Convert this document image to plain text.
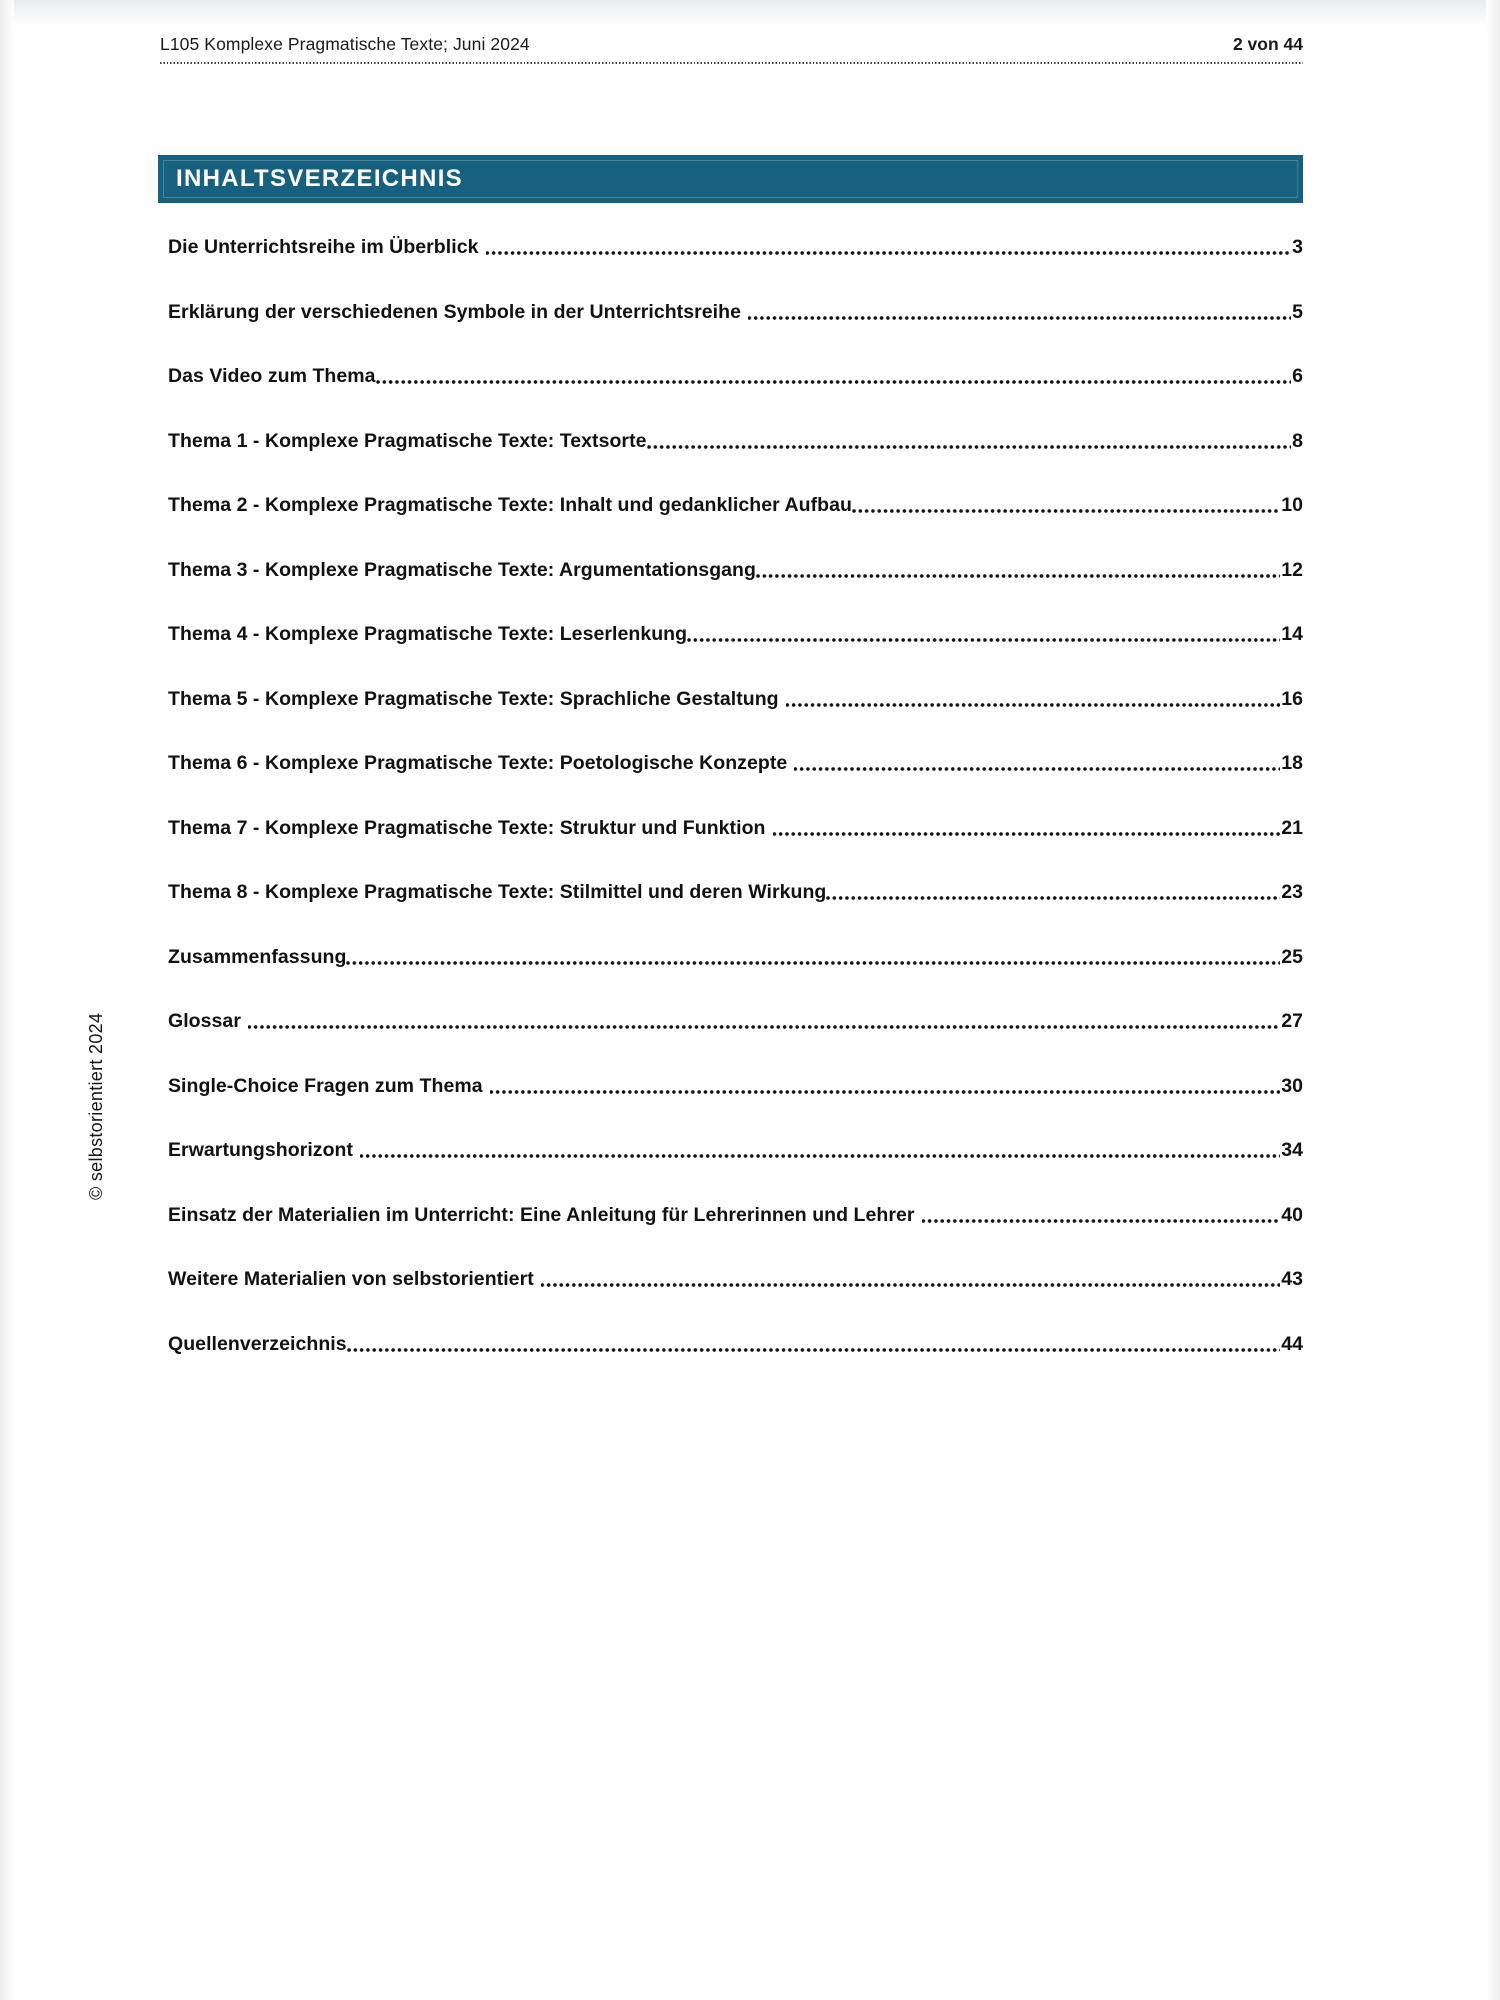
L105 Komplexe Pragmatische Texte; Juni 2024	2 von 44
© selbstorientiert 2024
INHALTSVERZEICHNIS
Die Unterrichtsreihe im Überblick	3
Erklärung der verschiedenen Symbole in der Unterrichtsreihe	5
Das Video zum Thema	6
Thema 1 - Komplexe Pragmatische Texte: Textsorte	8
Thema 2 - Komplexe Pragmatische Texte: Inhalt und gedanklicher Aufbau	10
Thema 3 - Komplexe Pragmatische Texte: Argumentationsgang	12
Thema 4 - Komplexe Pragmatische Texte: Leserlenkung	14
Thema 5 - Komplexe Pragmatische Texte: Sprachliche Gestaltung	16
Thema 6 - Komplexe Pragmatische Texte: Poetologische Konzepte	18
Thema 7 - Komplexe Pragmatische Texte: Struktur und Funktion	21
Thema 8 - Komplexe Pragmatische Texte: Stilmittel und deren Wirkung	23
Zusammenfassung	25
Glossar	27
Single-Choice Fragen zum Thema	30
Erwartungshorizont	34
Einsatz der Materialien im Unterricht: Eine Anleitung für Lehrerinnen und Lehrer	40
Weitere Materialien von selbstorientiert	43
Quellenverzeichnis	44
